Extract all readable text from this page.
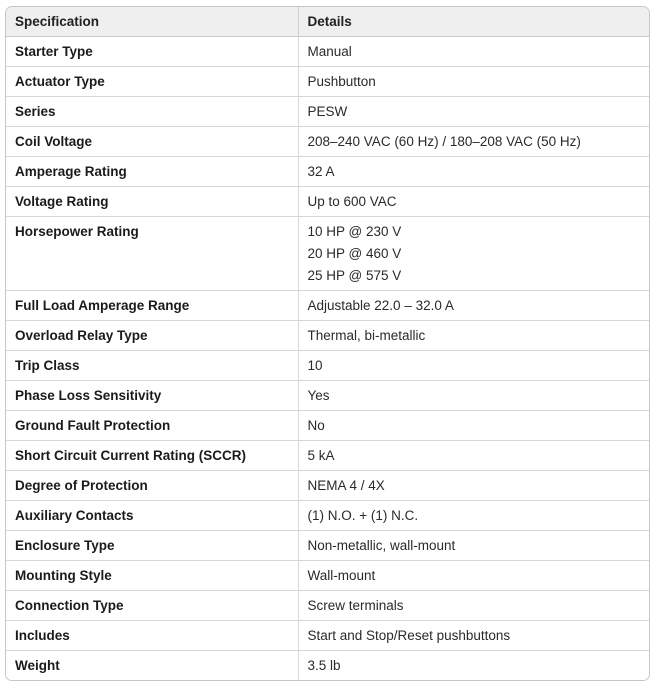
Specification	Details
Starter Type	Manual

Actuator Type	Pushbutton

Series	PESW

Coil Voltage	208–240 VAC (60 Hz) / 180–208 VAC (50 Hz)

Amperage Rating	32 A

Voltage Rating	Up to 600 VAC

Horsepower Rating	10 HP @ 230 V
20 HP @ 460 V
25 HP @ 575 V

Full Load Amperage Range	Adjustable 22.0 – 32.0 A

Overload Relay Type	Thermal, bi-metallic

Trip Class	10

Phase Loss Sensitivity	Yes

Ground Fault Protection	No

Short Circuit Current Rating (SCCR)	5 kA

Degree of Protection	NEMA 4 / 4X

Auxiliary Contacts	(1) N.O. + (1) N.C.

Enclosure Type	Non-metallic, wall-mount

Mounting Style	Wall-mount

Connection Type	Screw terminals

Includes	Start and Stop/Reset pushbuttons

Weight	3.5 lb
